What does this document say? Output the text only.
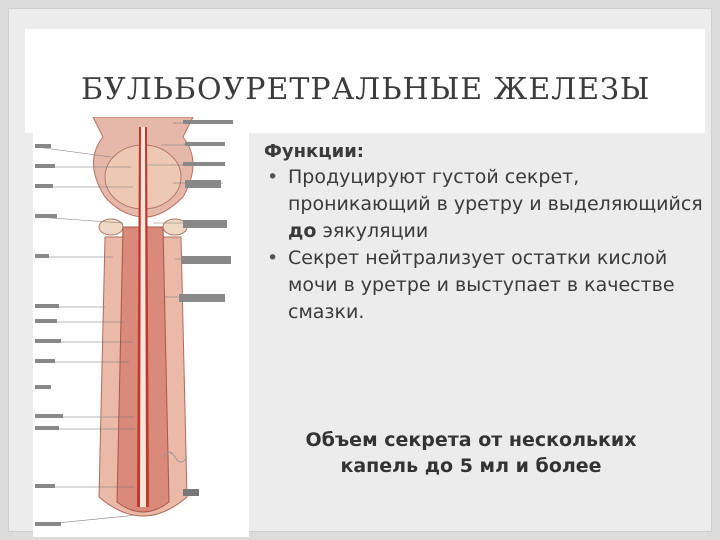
БУЛЬБОУРЕТРАЛЬНЫЕ ЖЕЛЕЗЫ
Функции:
• Продуцируют густой секрет, проникающий в уретру и выделяющийся до эякуляции
• Секрет нейтрализует остатки кислой мочи в уретре и выступает в качестве смазки.
Объем секрета от нескольких
капель до 5 мл и более
